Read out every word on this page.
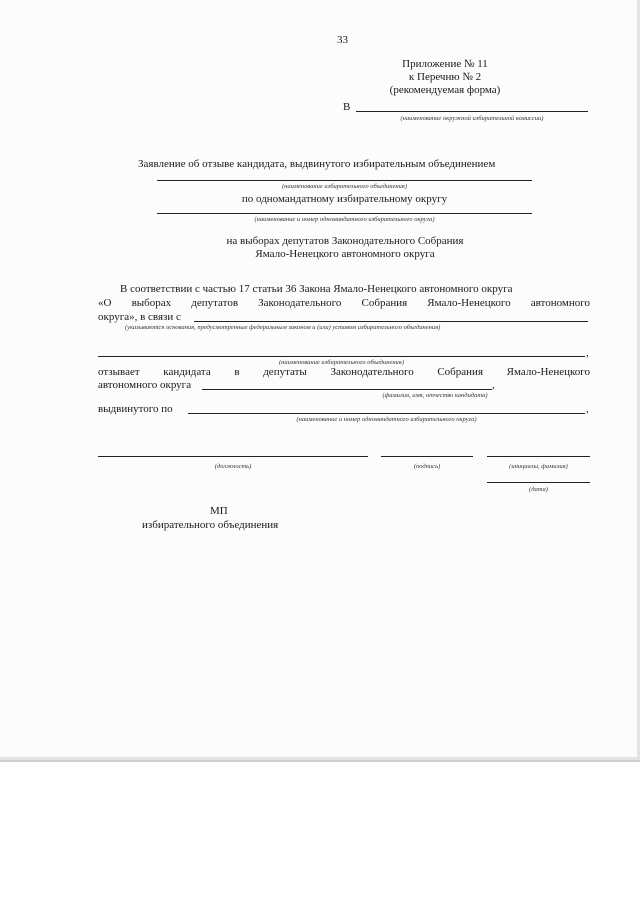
33
Приложение № 11
к Перечню № 2
(рекомендуемая форма)
В
(наименование окружной избирательной комиссии)
Заявление об отзыве кандидата, выдвинутого избирательным объединением
(наименование избирательного объединения)
по одномандатному избирательному округу
(наименование и номер одномандатного избирательного округа)
на выборах депутатов Законодательного Собрания
Ямало-Ненецкого автономного округа
В соответствии с частью 17 статьи 36 Закона Ямало-Ненецкого автономного округа
«О выборах депутатов Законодательного Собрания Ямало-Ненецкого автономного
округа», в связи с
(указываются основания, предусмотренные федеральным законом и (или) уставом избирательного объединения)
,
(наименование избирательного объединения)
отзывает кандидата в депутаты Законодательного Собрания Ямало-Ненецкого
автономного округа	,
(фамилия, имя, отчество кандидата)
выдвинутого по	,
(наименование и номер одномандатного избирательного округа)
(должность)	(подпись)	(инициалы, фамилия)
(дата)
МП
избирательного объединения
